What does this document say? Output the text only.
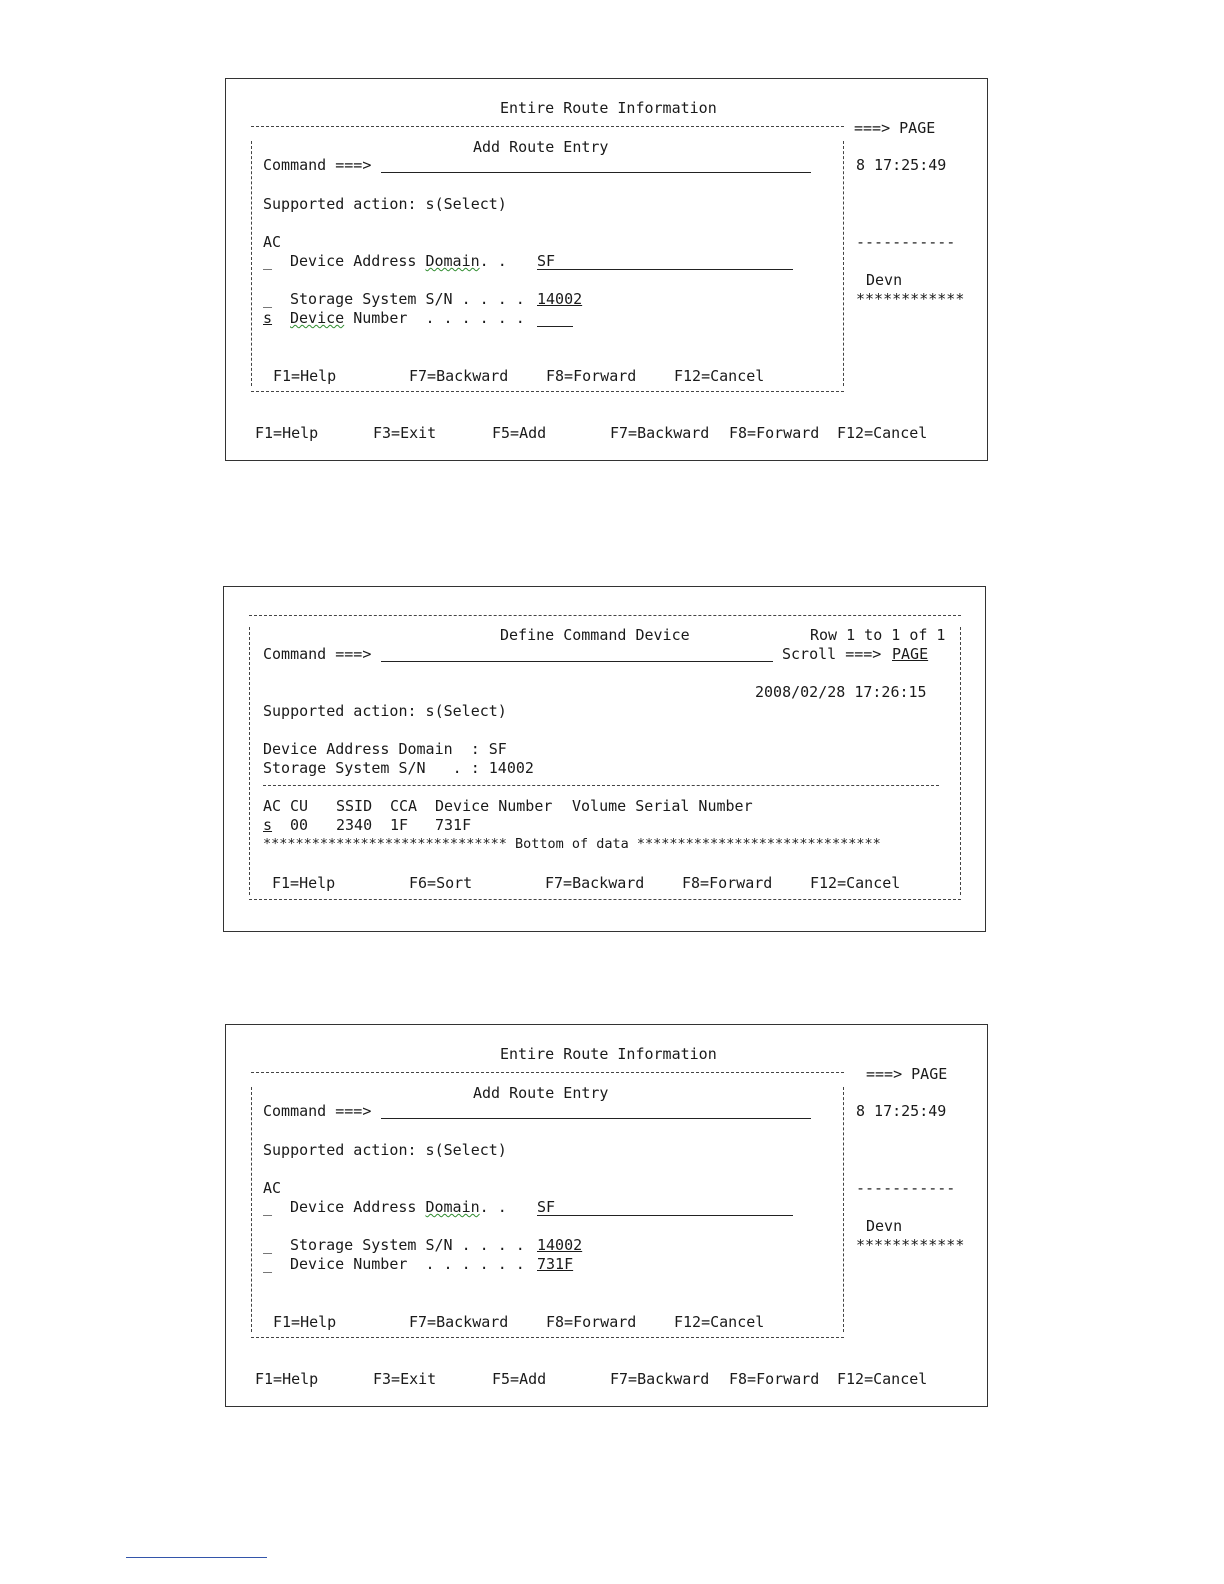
Entire Route Information
===> PAGE
8 17:25:49
-----------
Devn
************
Add Route Entry
Command ===>
Supported action: s(Select)
AC
_ Device Address Domain. . SF
_ Storage System S/N . . . . 14002
s Device Number  . . . . . .
F1=Help	F7=Backward	F8=Forward	F12=Cancel
F1=Help	F3=Exit	F5=Add	F7=Backward F8=Forward F12=Cancel
Define Command Device	Row 1 to 1 of 1
Command ===>	Scroll ===> PAGE
2008/02/28 17:26:15
Supported action: s(Select)
Device Address Domain  : SF
Storage System S/N   . : 14002
AC CU SSID CCA Device Number Volume Serial Number
s 00 2340 1F 731F
****************************** Bottom of data ******************************
F1=Help	F6=Sort	F7=Backward	F8=Forward	F12=Cancel
Entire Route Information
===> PAGE
8 17:25:49
-----------
Devn
************
Add Route Entry
Command ===>
Supported action: s(Select)
AC
_ Device Address Domain. . SF
_ Storage System S/N . . . . 14002
_ Device Number  . . . . . . 731F
F1=Help	F7=Backward	F8=Forward	F12=Cancel
F1=Help	F3=Exit	F5=Add	F7=Backward F8=Forward F12=Cancel
